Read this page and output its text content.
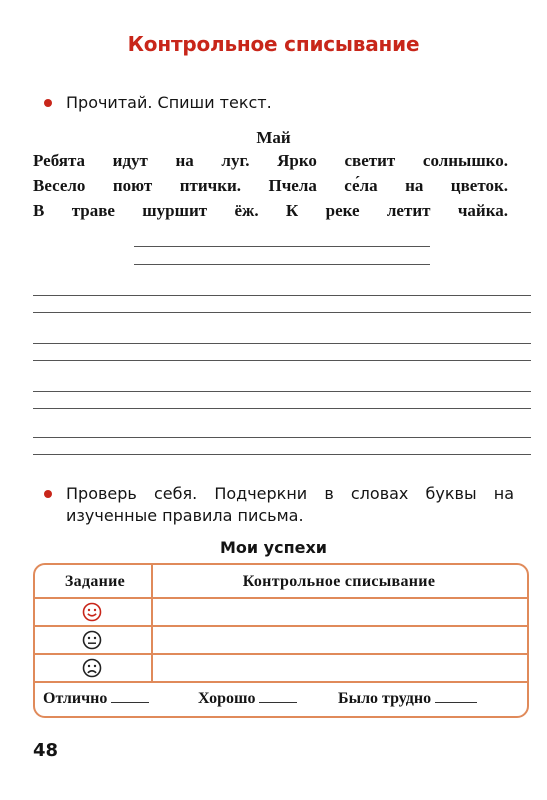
Контрольное списывание
Прочитай. Спиши текст.
Май
Ребята идут на луг. Ярко светит солнышко.
Весело поют птички. Пчела се́ла на цветок.
В траве шуршит ёж. К реке летит чайка.
Проверь себя. Подчеркни в словах буквы на изученные правила письма.
Мои успехи
Задание	Контрольное списывание
Отлично	Хорошо	Было трудно
48
